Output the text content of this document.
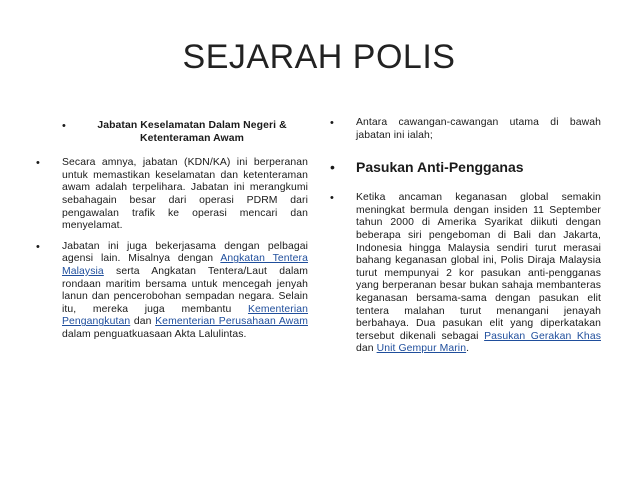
SEJARAH POLIS
•	Jabatan Keselamatan Dalam Negeri & Ketenteraman Awam
• Secara amnya, jabatan (KDN/KA) ini berperanan untuk memastikan keselamatan dan ketenteraman awam adalah terpelihara. Jabatan ini merangkumi sebahagain besar dari operasi PDRM dari pengawalan trafik ke operasi mencari dan menyelamat.
• Jabatan ini juga bekerjasama dengan pelbagai agensi lain. Misalnya dengan Angkatan Tentera Malaysia serta Angkatan Tentera/Laut dalam rondaan maritim bersama untuk mencegah jenyah lanun dan pencerobohan sempadan negara. Selain itu, mereka juga membantu Kementerian Pengangkutan dan Kementerian Perusahaan Awam dalam penguatkuasaan Akta Lalulintas.
• Antara cawangan-cawangan utama di bawah jabatan ini ialah;
• Pasukan Anti-Pengganas
• Ketika ancaman keganasan global semakin meningkat bermula dengan insiden 11 September tahun 2000 di Amerika Syarikat diikuti dengan beberapa siri pengeboman di Bali dan Jakarta, Indonesia hingga Malaysia sendiri turut merasai bahang keganasan global ini, Polis Diraja Malaysia turut mempunyai 2 kor pasukan anti-pengganas yang berperanan besar bukan sahaja membanteras keganasan bersama-sama dengan pasukan elit tentera malahan turut menangani jenayah berbahaya. Dua pasukan elit yang diperkatakan tersebut dikenali sebagai Pasukan Gerakan Khas dan Unit Gempur Marin.
